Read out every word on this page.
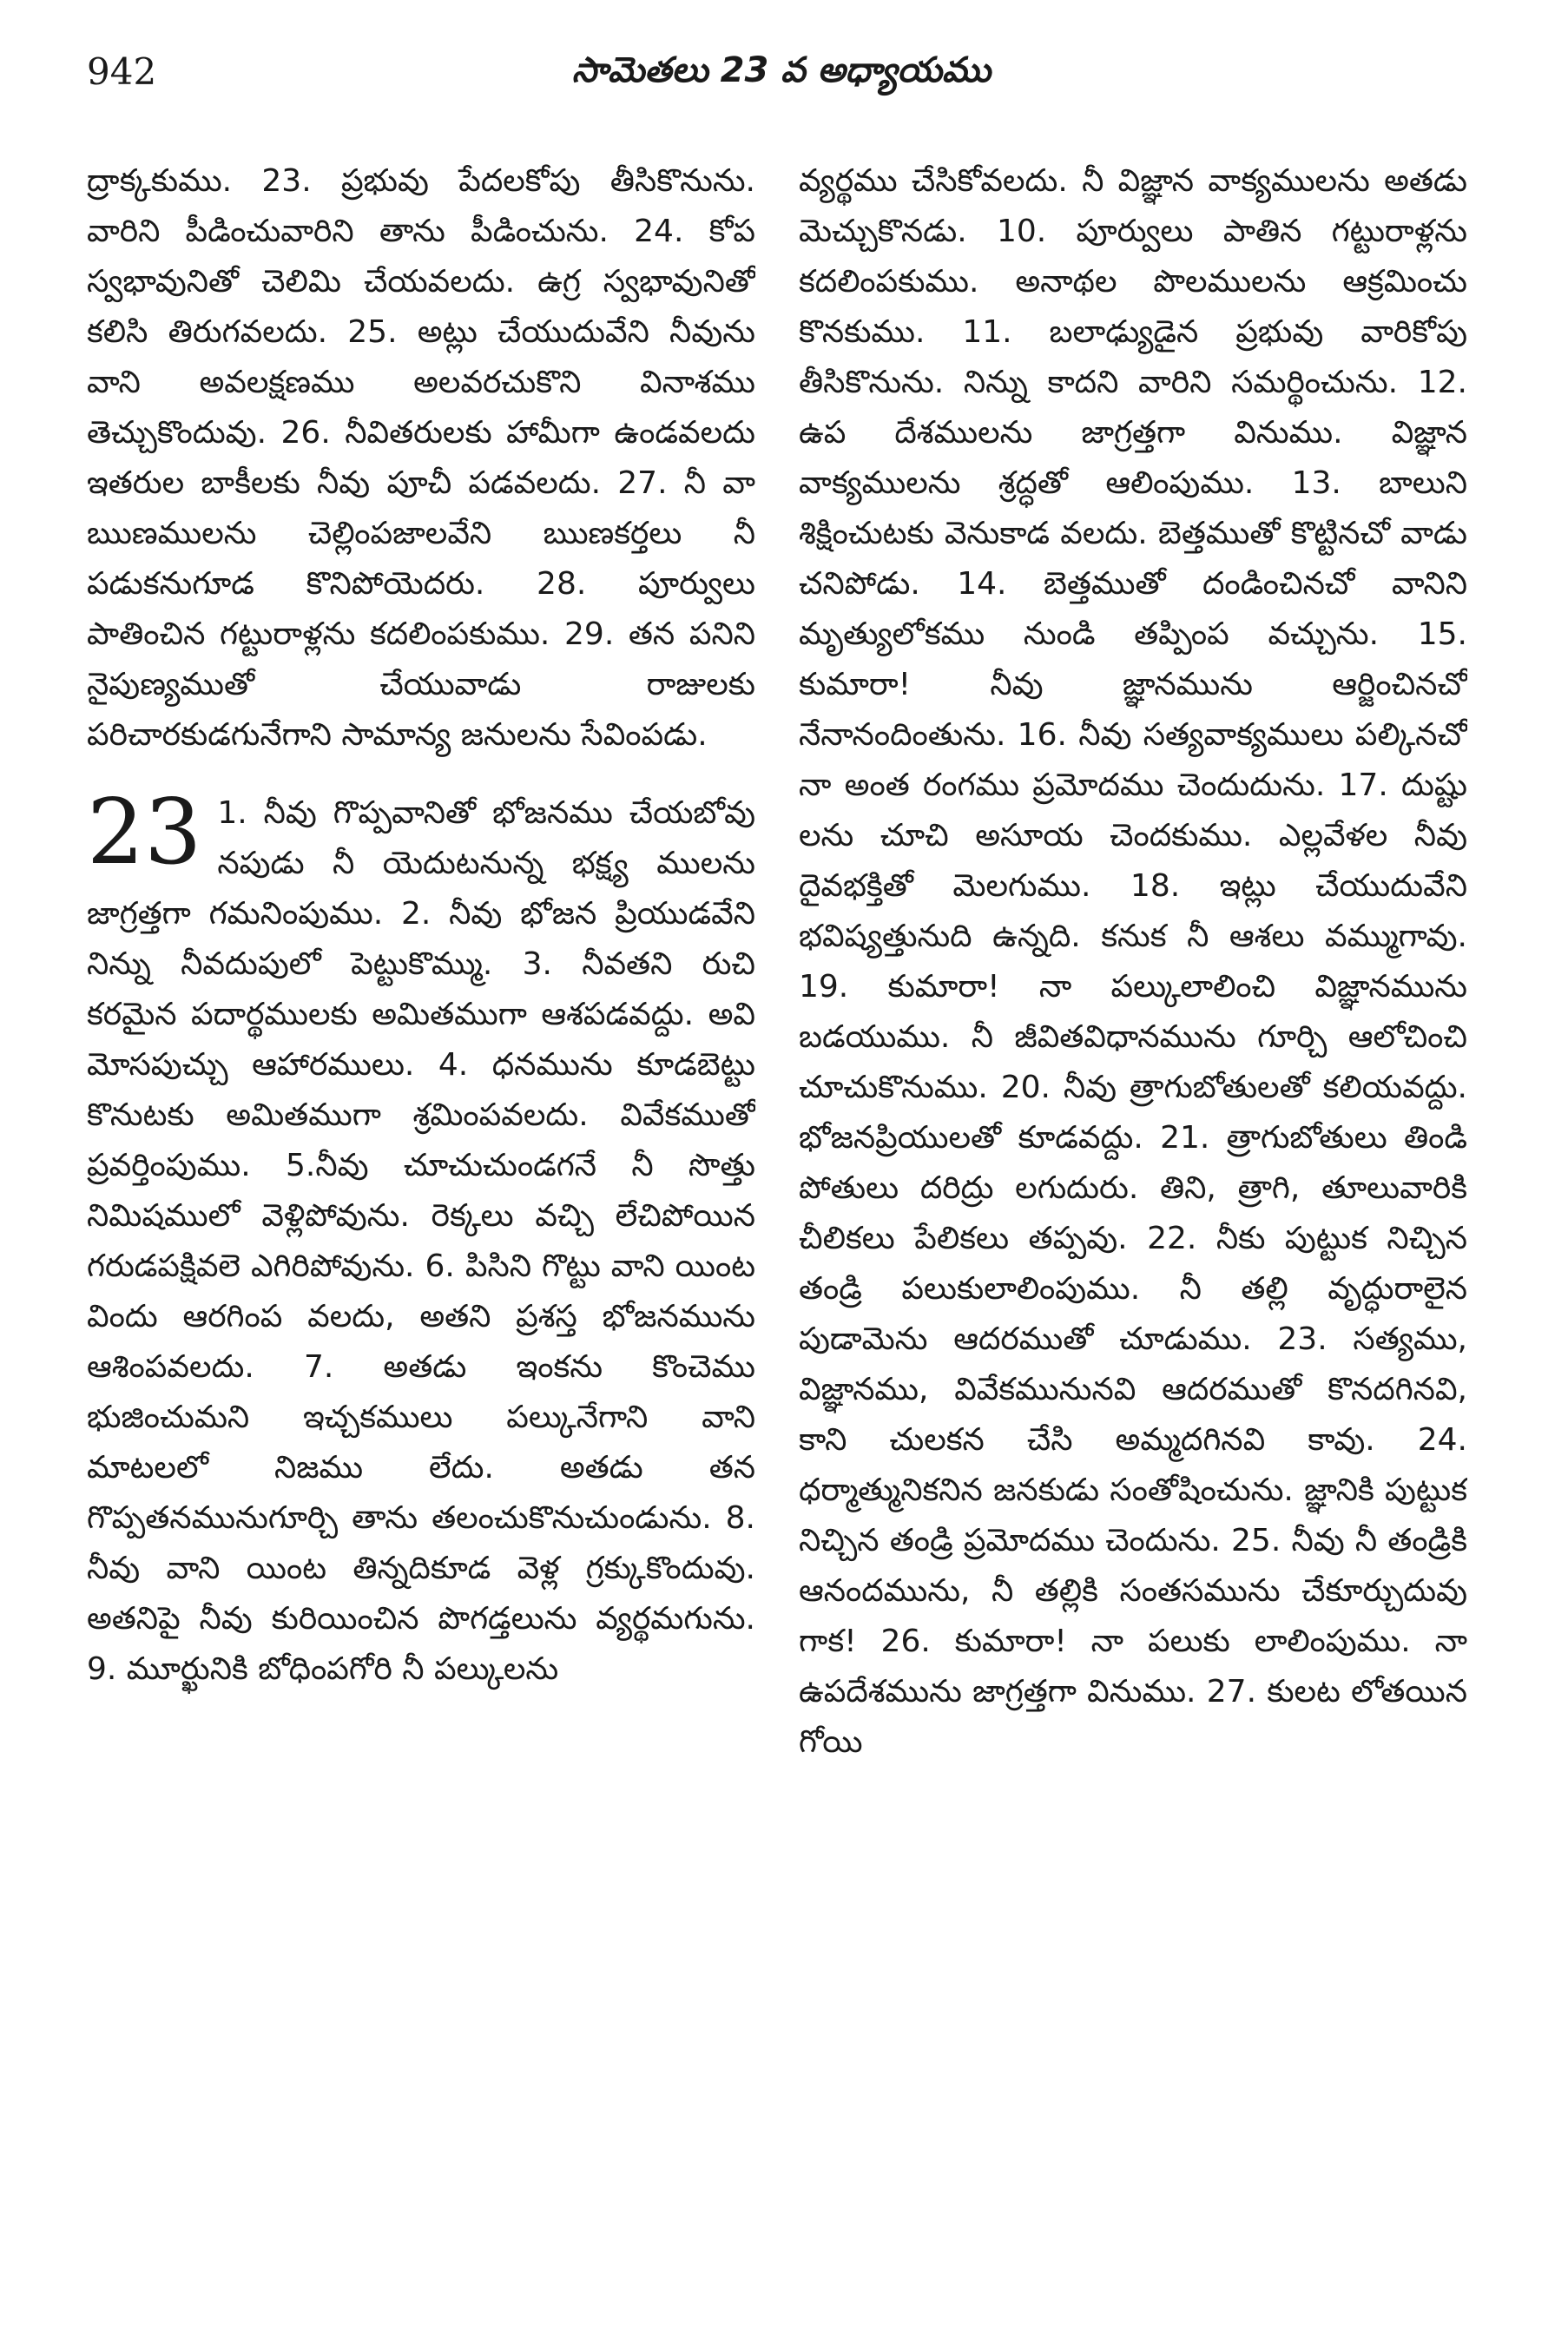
942	సామెతలు 23 వ అధ్యాయము

ద్రాక్కకుము. 23. ప్రభువు పేదలకోపు తీసికొనును. వారిని పీడించువారిని తాను పీడించును. 24. కోప స్వభావునితో చెలిమి చేయవలదు. ఉగ్ర స్వభావునితో కలిసి తిరుగవలదు. 25. అట్లు చేయుదువేని నీవును వాని అవలక్షణము అలవరచుకొని వినాశము తెచ్చుకొందువు. 26. నీవితరులకు హామీగా ఉండవలదు ఇతరుల బాకీలకు నీవు పూచీ పడవలదు. 27. నీ వా ఋణములను చెల్లింపజాలవేని ఋణకర్తలు నీ పడుకనుగూడ కొనిపోయెదరు. 28. పూర్వులు పాతించిన గట్టురాళ్లను కదలింపకుము. 29. తన పనిని నైపుణ్యముతో చేయువాడు రాజులకు పరిచారకుడగునేగాని సామాన్య జనులను సేవింపడు.

23 1. నీవు గొప్పవానితో భోజనము చేయబోవు నపుడు నీ యెదుటనున్న భక్ష్య ములను జాగ్రత్తగా గమనింపుము. 2. నీవు భోజన ప్రియుడవేని నిన్ను నీవదుపులో పెట్టుకొమ్ము. 3. నీవతని రుచి కరమైన పదార్థములకు అమితముగా ఆశపడవద్దు. అవి మోసపుచ్చు ఆహారములు. 4. ధనమును కూడబెట్టు కొనుటకు అమితముగా శ్రమింపవలదు. వివేకముతో ప్రవర్తింపుము. 5.నీవు చూచుచుండగనే నీ సొత్తు నిమిషములో వెళ్లిపోవును. రెక్కలు వచ్చి లేచిపోయిన గరుడపక్షివలె ఎగిరిపోవును. 6. పిసిని గొట్టు వాని యింట విందు ఆరగింప వలదు, అతని ప్రశస్త భోజనమును ఆశింపవలదు. 7. అతడు ఇంకను కొంచెము భుజించుమని ఇచ్చకములు పల్కునేగాని వాని మాటలలో నిజము లేదు. అతడు తన గొప్పతనమునుగూర్చి తాను తలంచుకొనుచుండును. 8. నీవు వాని యింట తిన్నదికూడ వెళ్ల గ్రక్కుకొందువు. అతనిపై నీవు కురియించిన పొగడ్తలును వ్యర్థమగును. 9. మూర్ఖునికి బోధింపగోరి నీ పల్కులను

వ్యర్థము చేసికోవలదు. నీ విజ్ఞాన వాక్యములను అతడు మెచ్చుకొనడు. 10. పూర్వులు పాతిన గట్టురాళ్లను కదలింపకుము. అనాథల పొలములను ఆక్రమించు కొనకుము. 11. బలాఢ్యుడైన ప్రభువు వారికోపు తీసికొనును. నిన్ను కాదని వారిని సమర్థించును. 12. ఉప దేశములను జాగ్రత్తగా వినుము. విజ్ఞాన వాక్యములను శ్రద్ధతో ఆలింపుము. 13. బాలుని శిక్షించుటకు వెనుకాడ వలదు. బెత్తముతో కొట్టినచో వాడు చనిపోడు. 14. బెత్తముతో దండించినచో వానిని మృత్యులోకము నుండి తప్పింప వచ్చును. 15. కుమారా! నీవు జ్ఞానమును ఆర్జించినచో నేనానందింతును. 16. నీవు సత్యవాక్యములు పల్కినచో నా అంత రంగము ప్రమోదము చెందుదును. 17. దుష్టు లను చూచి అసూయ చెందకుము. ఎల్లవేళల నీవు దైవభక్తితో మెలగుము. 18. ఇట్లు చేయుదువేని భవిష్యత్తునుది ఉన్నది. కనుక నీ ఆశలు వమ్ముగావు. 19. కుమారా! నా పల్కులాలించి విజ్ఞానమును బడయుము. నీ జీవితవిధానమును గూర్చి ఆలోచించి చూచుకొనుము. 20. నీవు త్రాగుబోతులతో కలియవద్దు. భోజనప్రియులతో కూడవద్దు. 21. త్రాగుబోతులు తిండి పోతులు దరిద్రు లగుదురు. తిని, త్రాగి, తూలువారికి చీలికలు పేలికలు తప్పవు. 22. నీకు పుట్టుక నిచ్చిన తండ్రి పలుకులాలింపుము. నీ తల్లి వృద్ధురాలైన పుడామెను ఆదరముతో చూడుము. 23. సత్యము, విజ్ఞానము, వివేకమునునవి ఆదరముతో కొనదగినవి, కాని చులకన చేసి అమ్మదగినవి కావు. 24. ధర్మాత్మునికనిన జనకుడు సంతోషించును. జ్ఞానికి పుట్టుక నిచ్చిన తండ్రి ప్రమోదము చెందును. 25. నీవు నీ తండ్రికి ఆనందమును, నీ తల్లికి సంతసమును చేకూర్చుదువు గాక! 26. కుమారా! నా పలుకు లాలింపుము. నా ఉపదేశమును జాగ్రత్తగా వినుము. 27. కులట లోతయిన గోయి
